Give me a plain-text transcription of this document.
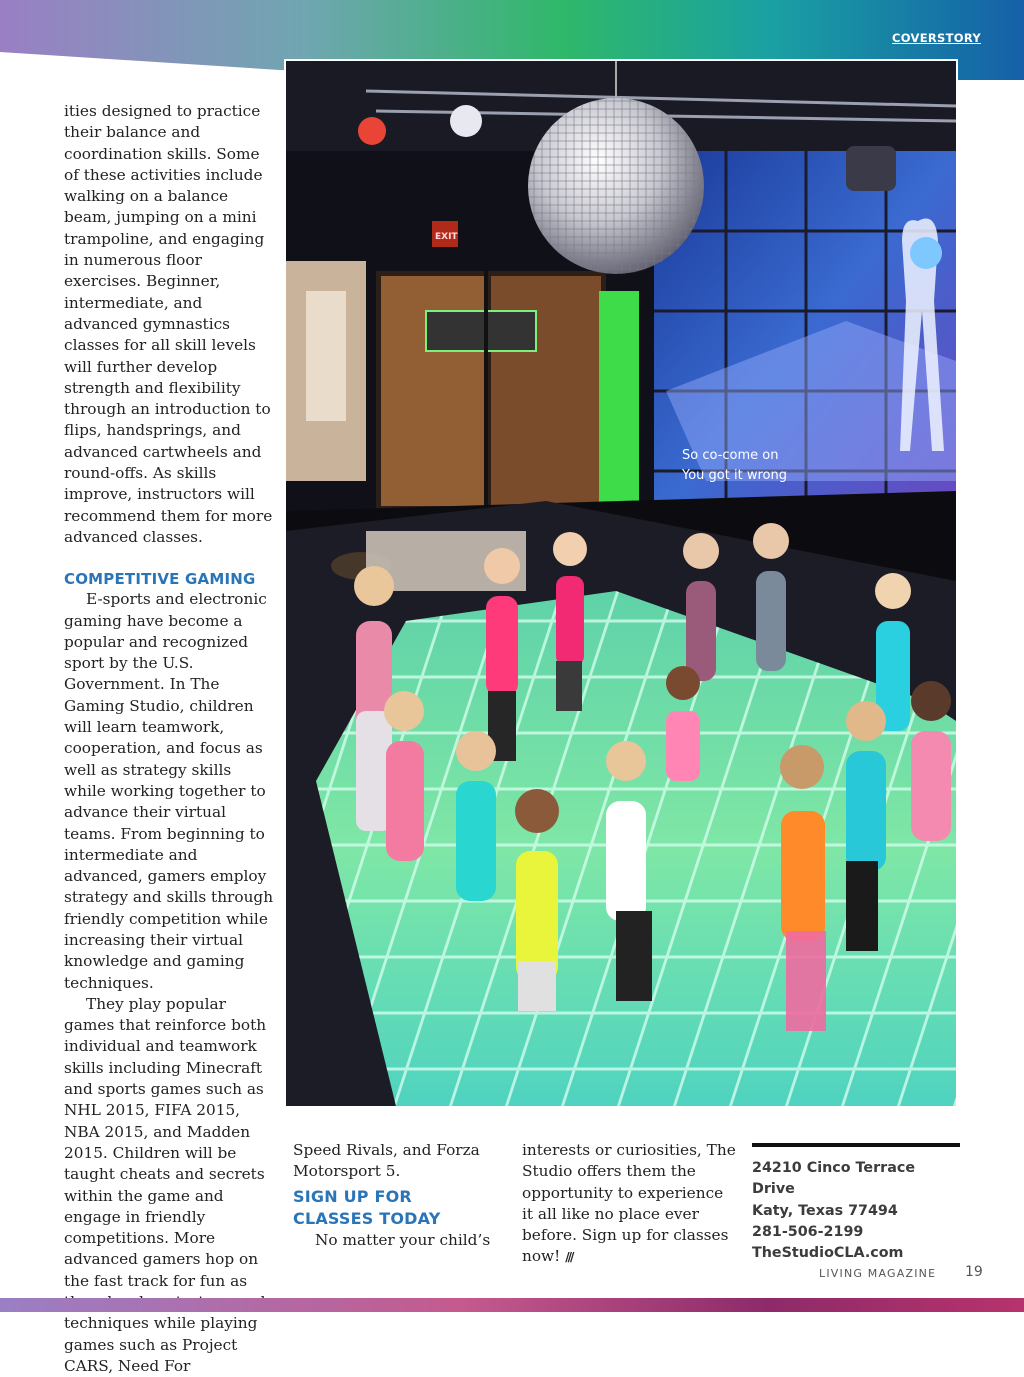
COVERSTORY
So co-come on
You got it wrong
EXIT

ities designed to practice their balance and coordination skills. Some of these activities include walking on a balance beam, jumping on a mini trampoline, and engaging in numerous floor exercises. Beginner, intermediate, and advanced gymnastics classes for all skill levels will further develop strength and flexibility through an introduction to flips, handsprings, and advanced cartwheels and round-offs. As skills improve, instructors will recommend them for more advanced classes.

COMPETITIVE GAMING

E-sports and electronic gaming have become a popular and recognized sport by the U.S. Government. In The Gaming Studio, children will learn teamwork, cooperation, and focus as well as strategy skills while working together to advance their virtual teams. From beginning to intermediate and advanced, gamers employ strategy and skills through friendly competition while increasing their virtual knowledge and gaming techniques.

They play popular games that reinforce both individual and teamwork skills including Minecraft and sports games such as NHL 2015, FIFA 2015, NBA 2015, and Madden 2015. Children will be taught cheats and secrets within the game and engage in friendly competitions. More advanced gamers hop on the fast track for fun as techniques while playing games such as Project CARS, Need For

Speed Rivals, and Forza Motorsport 5.

SIGN UP FOR CLASSES TODAY

No matter your child’s

interests or curiosities, The Studio offers them the opportunity to experience it all like no place ever before. Sign up for classes now! ///
24210 Cinco Terrace Drive
Katy, Texas 77494
281-506-2199
TheStudioCLA.com
LIVING MAGAZINE 19
